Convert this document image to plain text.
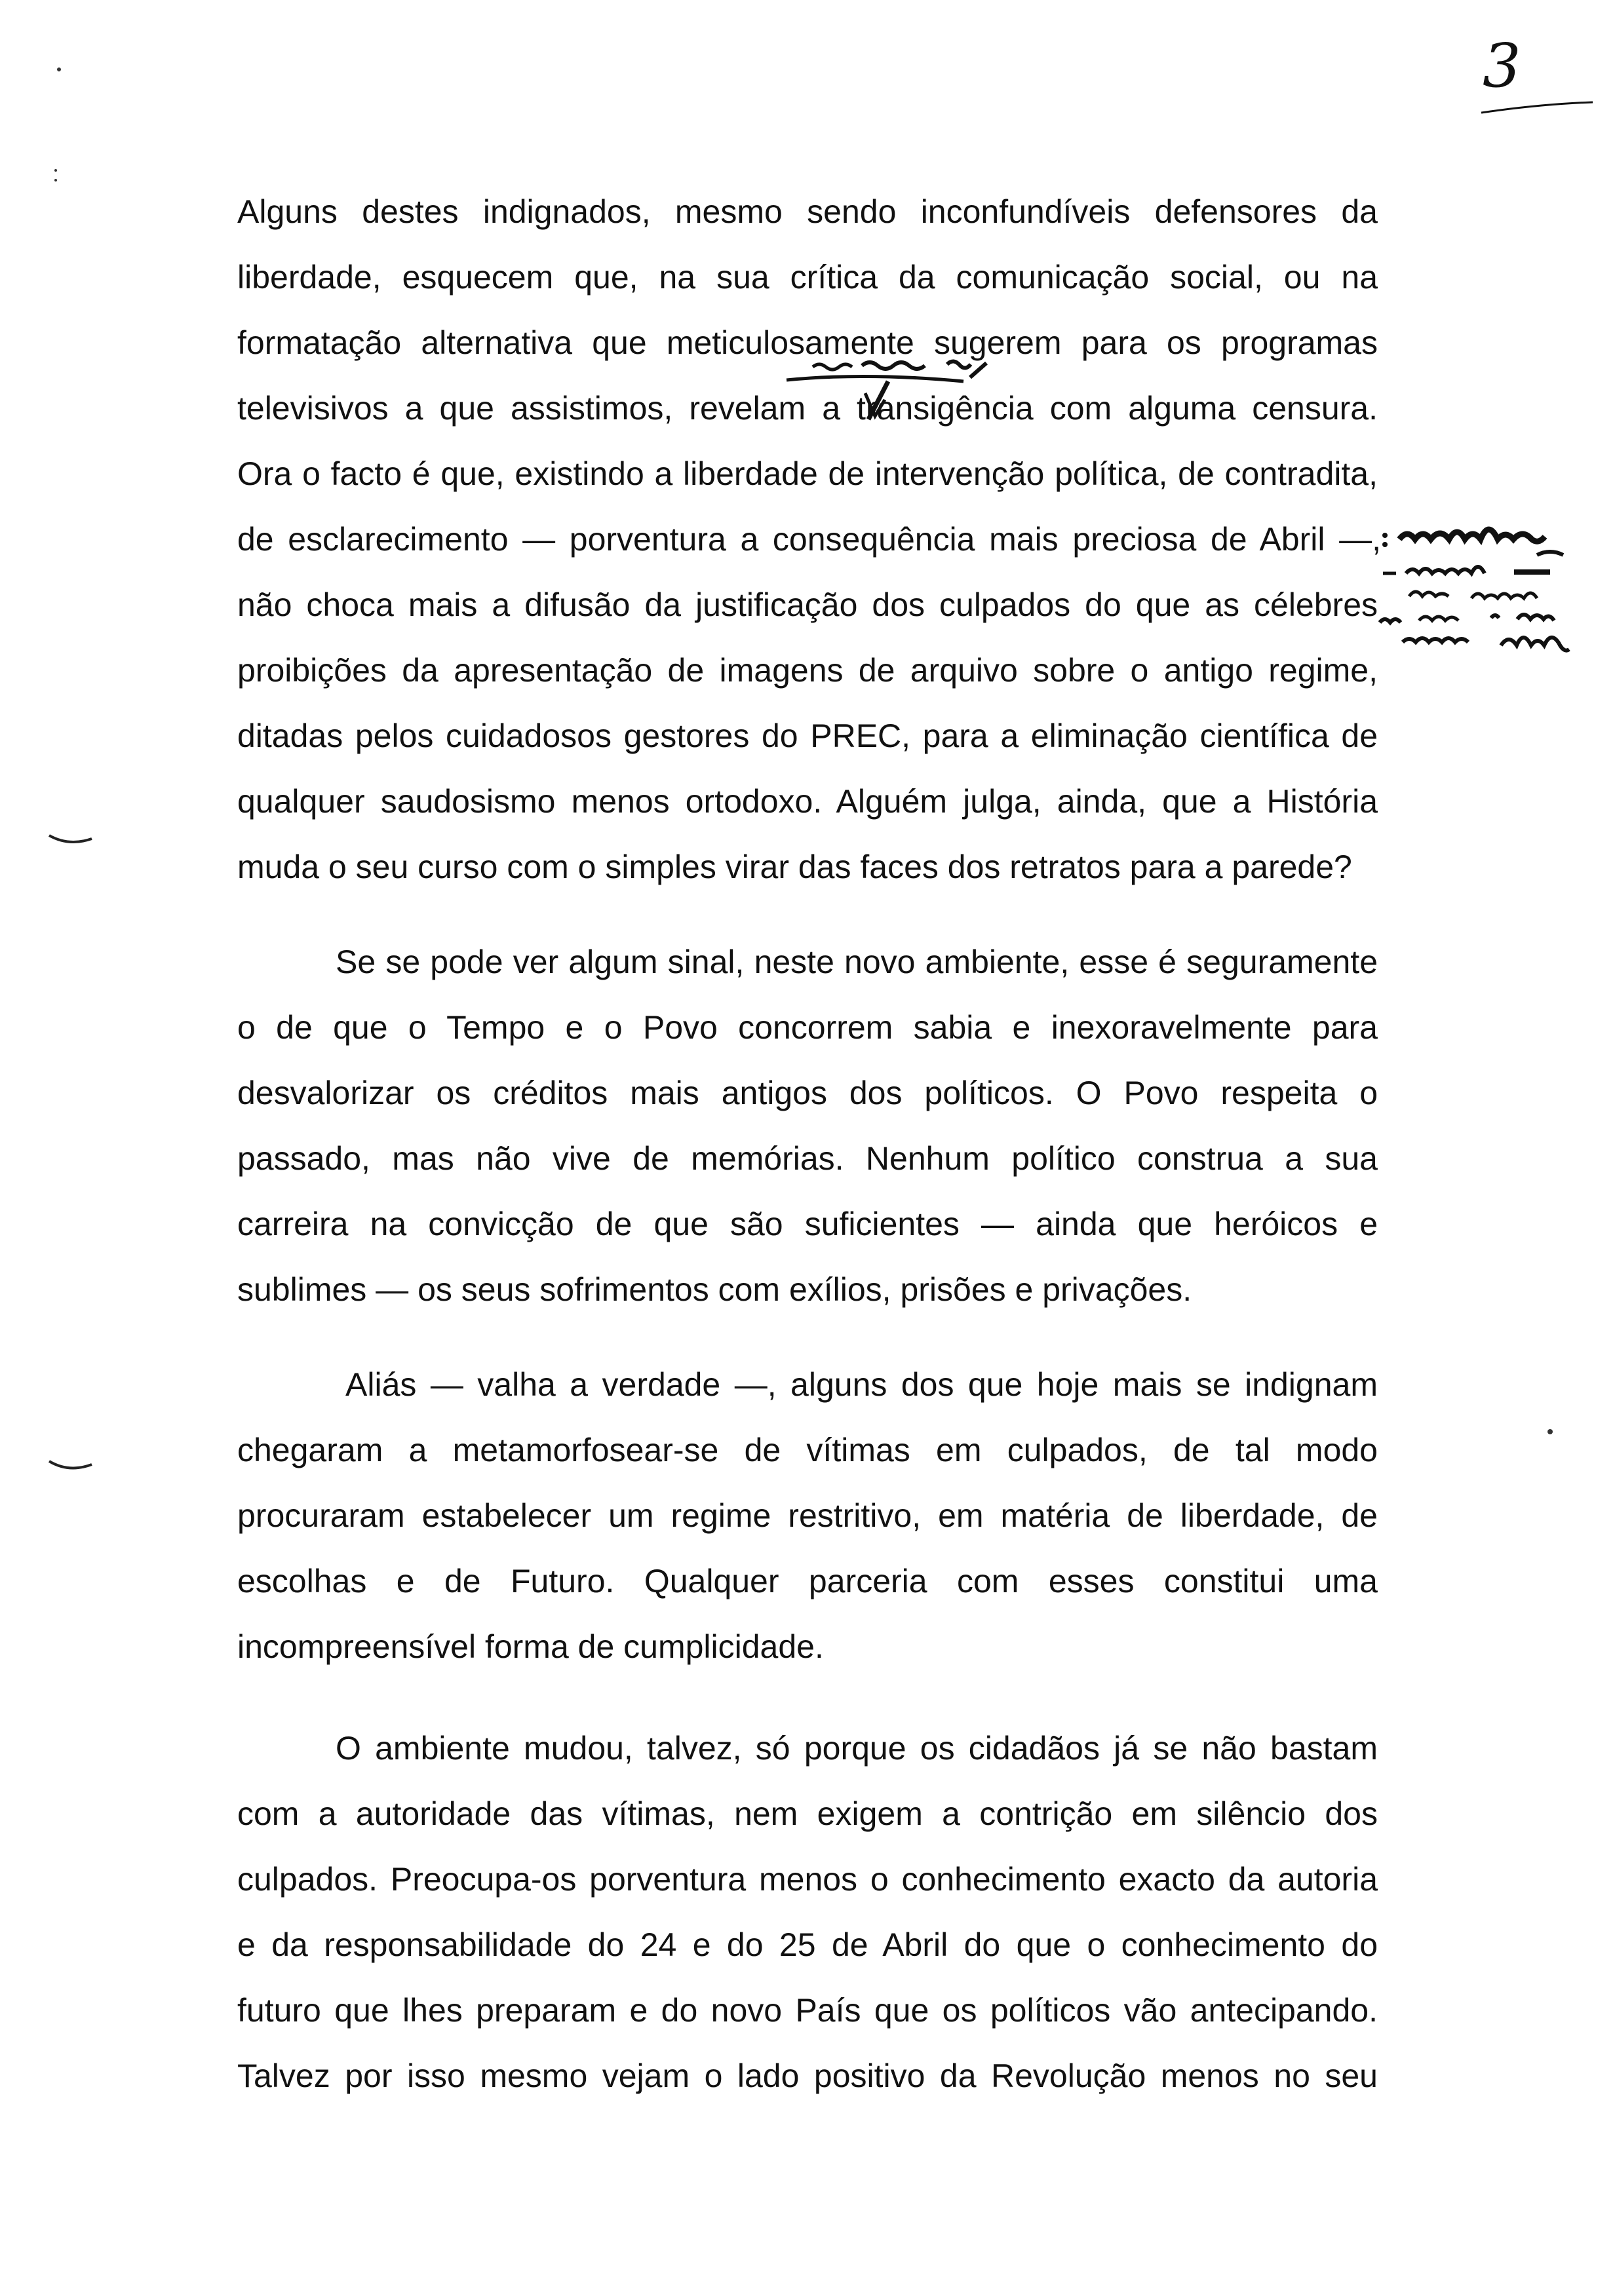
3
Alguns destes indignados, mesmo sendo inconfundíveis defensores da
liberdade, esquecem que, na sua crítica da comunicação social, ou na
formatação alternativa que meticulosamente sugerem para os programas
televisivos a que assistimos, revelam a transigência com alguma censura.
Ora o facto é que, existindo a liberdade de intervenção política, de contradita,
de esclarecimento — porventura a consequência mais preciosa de Abril —,
não choca mais a difusão da justificação dos culpados do que as célebres
proibições da apresentação de imagens de arquivo sobre o antigo regime,
ditadas pelos cuidadosos gestores do PREC, para a eliminação científica de
qualquer saudosismo menos ortodoxo. Alguém julga, ainda, que a História
muda o seu curso com o simples virar das faces dos retratos para a parede?
Se se pode ver algum sinal, neste novo ambiente, esse é seguramente
o de que o Tempo e o Povo concorrem sabia e inexoravelmente para
desvalorizar os créditos mais antigos dos políticos. O Povo respeita o
passado, mas não vive de memórias. Nenhum político construa a sua
carreira na convicção de que são suficientes — ainda que heróicos e
sublimes — os seus sofrimentos com exílios, prisões e privações.
Aliás — valha a verdade —, alguns dos que hoje mais se indignam
chegaram a metamorfosear-se de vítimas em culpados, de tal modo
procuraram estabelecer um regime restritivo, em matéria de liberdade, de
escolhas e de Futuro. Qualquer parceria com esses constitui uma
incompreensível forma de cumplicidade.
O ambiente mudou, talvez, só porque os cidadãos já se não bastam
com a autoridade das vítimas, nem exigem a contrição em silêncio dos
culpados. Preocupa-os porventura menos o conhecimento exacto da autoria
e da responsabilidade do 24 e do 25 de Abril do que o conhecimento do
futuro que lhes preparam e do novo País que os políticos vão antecipando.
Talvez por isso mesmo vejam o lado positivo da Revolução menos no seu
